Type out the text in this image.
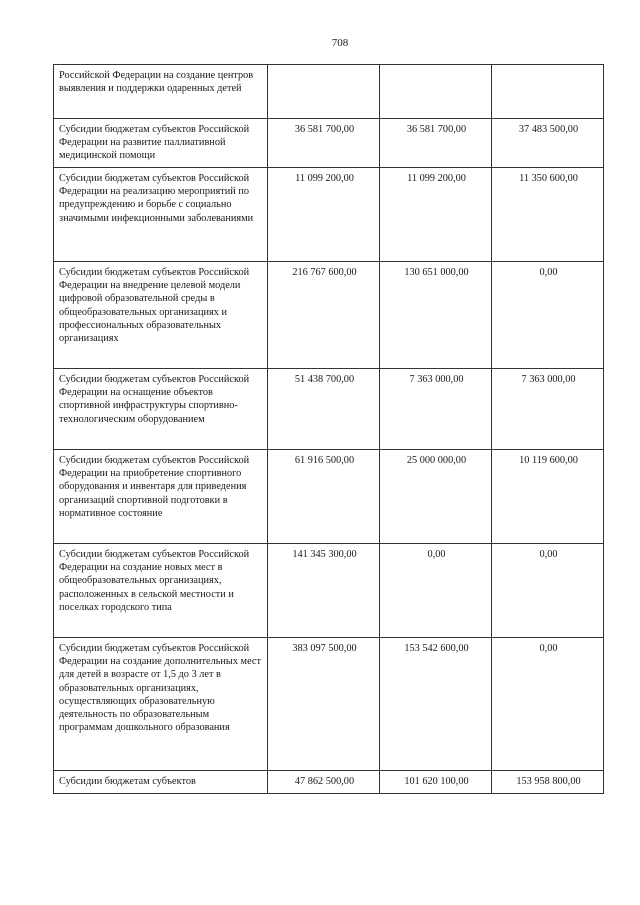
708
Российской Федерации на создание центров выявления и поддержки одаренных детей			
Субсидии бюджетам субъектов Российской Федерации на развитие паллиативной медицинской помощи	36 581 700,00	36 581 700,00	37 483 500,00
Субсидии бюджетам субъектов Российской Федерации на реализацию мероприятий по предупреждению и борьбе с социально значимыми инфекционными заболеваниями	11 099 200,00	11 099 200,00	11 350 600,00
Субсидии бюджетам субъектов Российской Федерации на внедрение целевой модели цифровой образовательной среды в общеобразовательных организациях и профессиональных образовательных организациях	216 767 600,00	130 651 000,00	0,00
Субсидии бюджетам субъектов Российской Федерации на оснащение объектов спортивной инфраструктуры спортивно-технологическим оборудованием	51 438 700,00	7 363 000,00	7 363 000,00
Субсидии бюджетам субъектов Российской Федерации на приобретение спортивного оборудования и инвентаря для приведения организаций спортивной подготовки в нормативное состояние	61 916 500,00	25 000 000,00	10 119 600,00
Субсидии бюджетам субъектов Российской Федерации на создание новых мест в общеобразовательных организациях, расположенных в сельской местности и поселках городского типа	141 345 300,00	0,00	0,00
Субсидии бюджетам субъектов Российской Федерации на создание дополнительных мест для детей в возрасте от 1,5 до 3 лет в образовательных организациях, осуществляющих образовательную деятельность по образовательным программам дошкольного образования	383 097 500,00	153 542 600,00	0,00
Субсидии бюджетам субъектов	47 862 500,00	101 620 100,00	153 958 800,00
